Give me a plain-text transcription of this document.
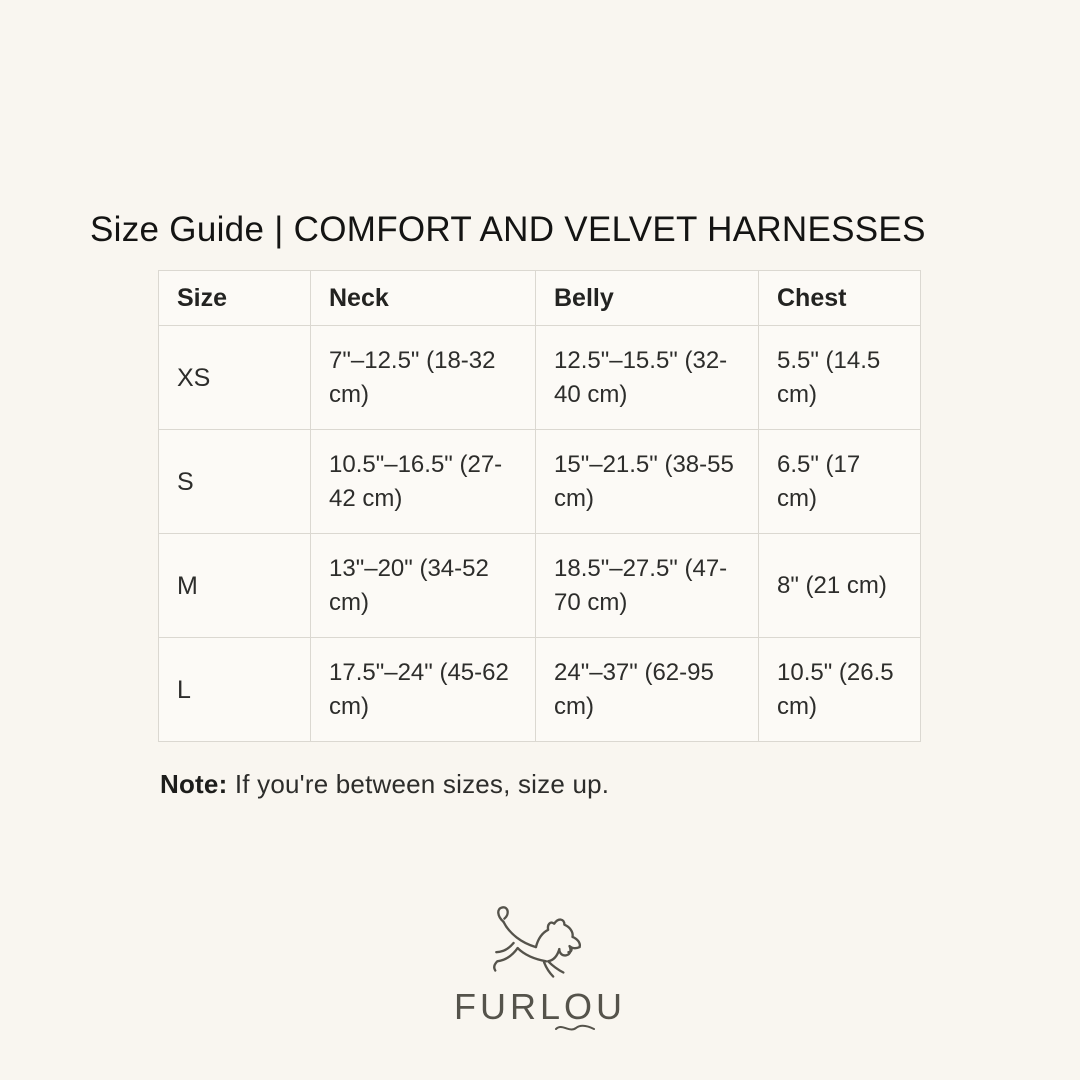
Size Guide | COMFORT AND VELVET HARNESSES
Size	Neck	Belly	Chest
XS	7"–12.5" (18-32 cm)	12.5"–15.5" (32-40 cm)	5.5" (14.5 cm)
S	10.5"–16.5" (27-42 cm)	15"–21.5" (38-55 cm)	6.5" (17 cm)
M	13"–20" (34-52 cm)	18.5"–27.5" (47-70 cm)	8" (21 cm)
L	17.5"–24" (45-62 cm)	24"–37" (62-95 cm)	10.5" (26.5 cm)
Note: If you're between sizes, size up.
FURLOU
